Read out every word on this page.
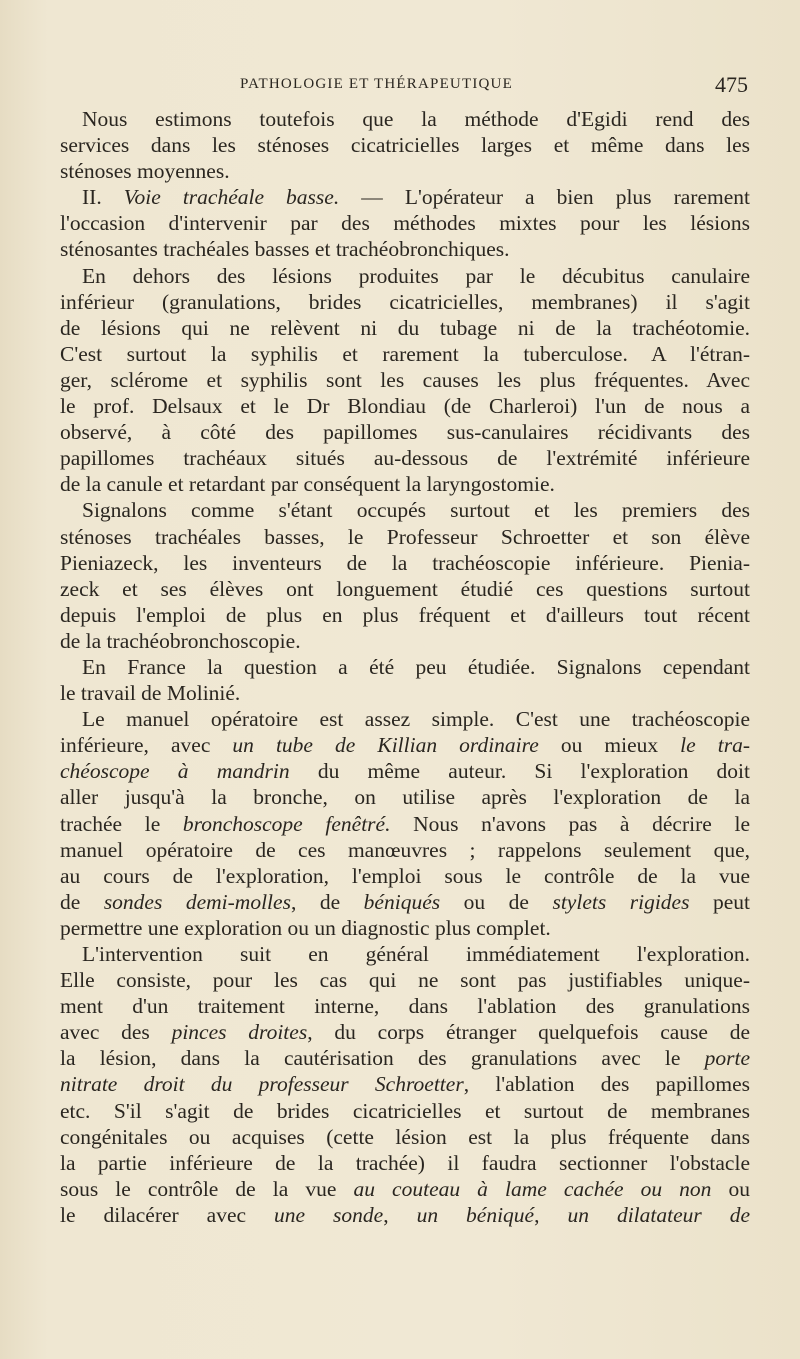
PATHOLOGIE ET THÉRAPEUTIQUE	475
Nous estimons toutefois que la méthode d'Egidi rend des
services dans les sténoses cicatricielles larges et même dans les
sténoses moyennes.
II. Voie trachéale basse. — L'opérateur a bien plus rarement
l'occasion d'intervenir par des méthodes mixtes pour les lésions
sténosantes trachéales basses et trachéobronchiques.
En dehors des lésions produites par le décubitus canulaire
inférieur (granulations, brides cicatricielles, membranes) il s'agit
de lésions qui ne relèvent ni du tubage ni de la trachéotomie.
C'est surtout la syphilis et rarement la tuberculose. A l'étran-
ger, sclérome et syphilis sont les causes les plus fréquentes. Avec
le prof. Delsaux et le Dr Blondiau (de Charleroi) l'un de nous a
observé, à côté des papillomes sus-canulaires récidivants des
papillomes trachéaux situés au-dessous de l'extrémité inférieure
de la canule et retardant par conséquent la laryngostomie.
Signalons comme s'étant occupés surtout et les premiers des
sténoses trachéales basses, le Professeur Schroetter et son élève
Pieniazeck, les inventeurs de la trachéoscopie inférieure. Pienia-
zeck et ses élèves ont longuement étudié ces questions surtout
depuis l'emploi de plus en plus fréquent et d'ailleurs tout récent
de la trachéobronchoscopie.
En France la question a été peu étudiée. Signalons cependant
le travail de Molinié.
Le manuel opératoire est assez simple. C'est une trachéoscopie
inférieure, avec un tube de Killian ordinaire ou mieux le tra-
chéoscope à mandrin du même auteur. Si l'exploration doit
aller jusqu'à la bronche, on utilise après l'exploration de la
trachée le bronchoscope fenêtré. Nous n'avons pas à décrire le
manuel opératoire de ces manœuvres ; rappelons seulement que,
au cours de l'exploration, l'emploi sous le contrôle de la vue
de sondes demi-molles, de béniqués ou de stylets rigides peut
permettre une exploration ou un diagnostic plus complet.
L'intervention suit en général immédiatement l'exploration.
Elle consiste, pour les cas qui ne sont pas justifiables unique-
ment d'un traitement interne, dans l'ablation des granulations
avec des pinces droites, du corps étranger quelquefois cause de
la lésion, dans la cautérisation des granulations avec le porte
nitrate droit du professeur Schroetter, l'ablation des papillomes
etc. S'il s'agit de brides cicatricielles et surtout de membranes
congénitales ou acquises (cette lésion est la plus fréquente dans
la partie inférieure de la trachée) il faudra sectionner l'obstacle
sous le contrôle de la vue au couteau à lame cachée ou non ou
le dilacérer avec une sonde, un béniqué, un dilatateur de
